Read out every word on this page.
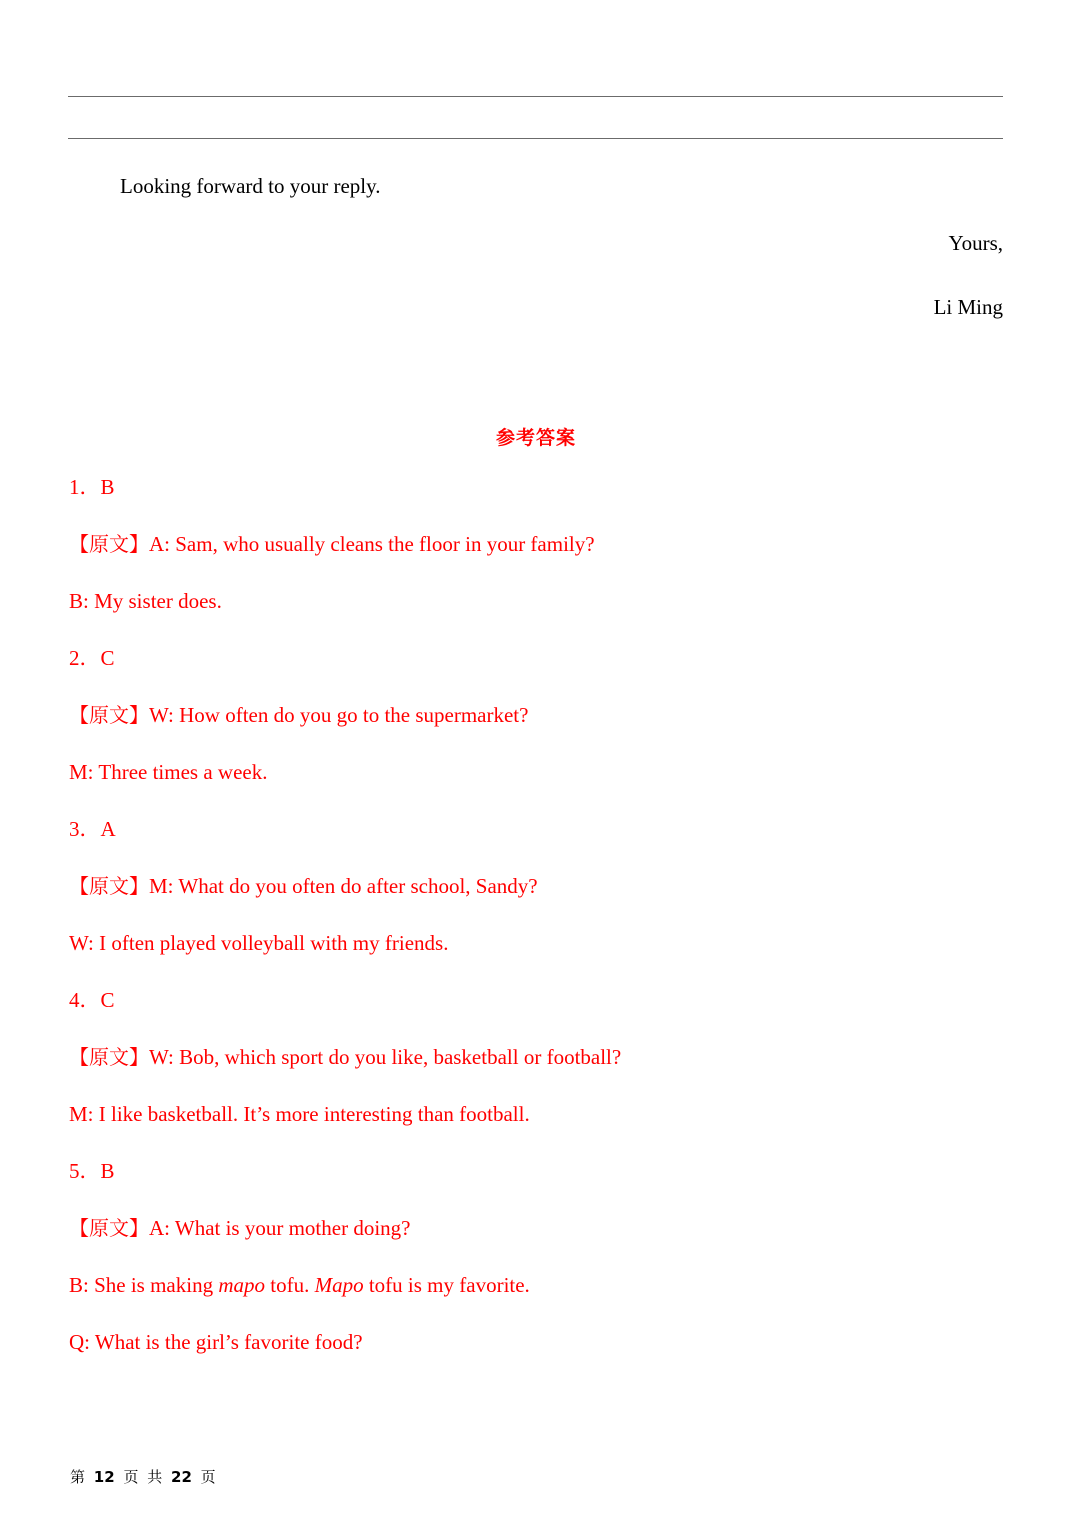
Looking forward to your reply.
Yours,
Li Ming
参考答案
1．B
【原文】A: Sam, who usually cleans the floor in your family?
B: My sister does.
2．C
【原文】W: How often do you go to the supermarket?
M: Three times a week.
3．A
【原文】M: What do you often do after school, Sandy?
W: I often played volleyball with my friends.
4．C
【原文】W: Bob, which sport do you like, basketball or football?
M: I like basketball. It’s more interesting than football.
5．B
【原文】A: What is your mother doing?
B: She is making mapo tofu. Mapo tofu is my favorite.
Q: What is the girl’s favorite food?
第 12 页 共 22 页
